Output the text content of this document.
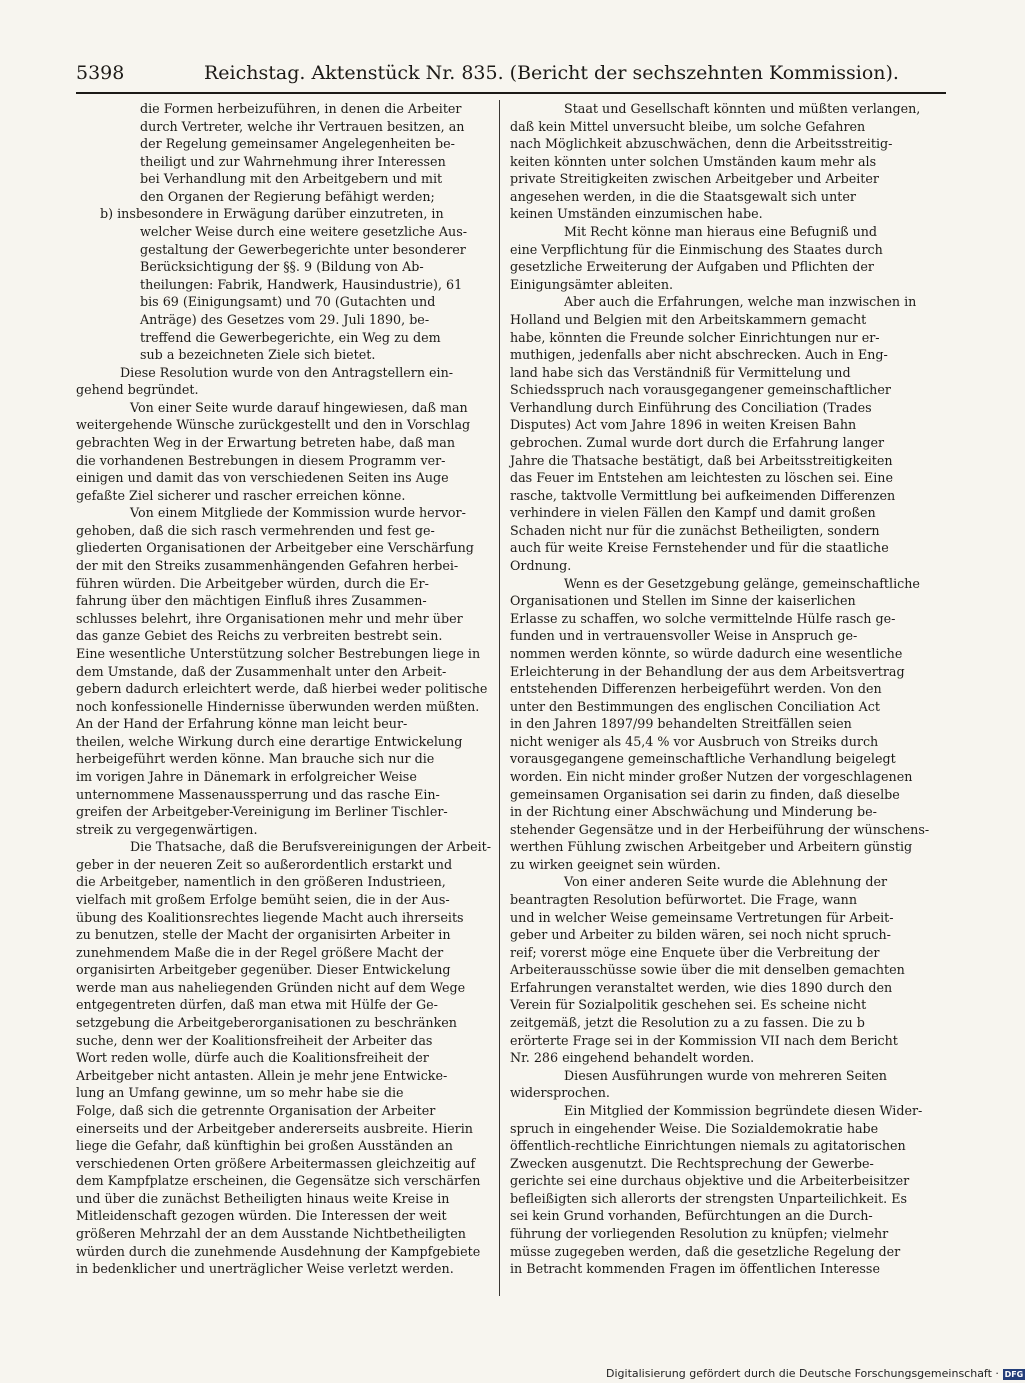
5398	Reichstag. Aktenstück Nr. 835. (Bericht der sechszehnten Kommission).
die Formen herbeizuführen, in denen die Arbeiter
durch Vertreter, welche ihr Vertrauen besitzen, an
der Regelung gemeinsamer Angelegenheiten be-
theiligt und zur Wahrnehmung ihrer Interessen
bei Verhandlung mit den Arbeitgebern und mit
den Organen der Regierung befähigt werden;
b) insbesondere in Erwägung darüber einzutreten, in
welcher Weise durch eine weitere gesetzliche Aus-
gestaltung der Gewerbegerichte unter besonderer
Berücksichtigung der §§. 9 (Bildung von Ab-
theilungen: Fabrik, Handwerk, Hausindustrie), 61
bis 69 (Einigungsamt) und 70 (Gutachten und
Anträge) des Gesetzes vom 29. Juli 1890, be-
treffend die Gewerbegerichte, ein Weg zu dem
sub a bezeichneten Ziele sich bietet.
Diese Resolution wurde von den Antragstellern ein-
gehend begründet.
Von einer Seite wurde darauf hingewiesen, daß man
weitergehende Wünsche zurückgestellt und den in Vorschlag
gebrachten Weg in der Erwartung betreten habe, daß man
die vorhandenen Bestrebungen in diesem Programm ver-
einigen und damit das von verschiedenen Seiten ins Auge
gefaßte Ziel sicherer und rascher erreichen könne.
Von einem Mitgliede der Kommission wurde hervor-
gehoben, daß die sich rasch vermehrenden und fest ge-
gliederten Organisationen der Arbeitgeber eine Verschärfung
der mit den Streiks zusammenhängenden Gefahren herbei-
führen würden. Die Arbeitgeber würden, durch die Er-
fahrung über den mächtigen Einfluß ihres Zusammen-
schlusses belehrt, ihre Organisationen mehr und mehr über
das ganze Gebiet des Reichs zu verbreiten bestrebt sein.
Eine wesentliche Unterstützung solcher Bestrebungen liege in
dem Umstande, daß der Zusammenhalt unter den Arbeit-
gebern dadurch erleichtert werde, daß hierbei weder politische
noch konfessionelle Hindernisse überwunden werden müßten.
An der Hand der Erfahrung könne man leicht beur-
theilen, welche Wirkung durch eine derartige Entwickelung
herbeigeführt werden könne. Man brauche sich nur die
im vorigen Jahre in Dänemark in erfolgreicher Weise
unternommene Massenaussperrung und das rasche Ein-
greifen der Arbeitgeber-Vereinigung im Berliner Tischler-
streik zu vergegenwärtigen.
Die Thatsache, daß die Berufsvereinigungen der Arbeit-
geber in der neueren Zeit so außerordentlich erstarkt und
die Arbeitgeber, namentlich in den größeren Industrieen,
vielfach mit großem Erfolge bemüht seien, die in der Aus-
übung des Koalitionsrechtes liegende Macht auch ihrerseits
zu benutzen, stelle der Macht der organisirten Arbeiter in
zunehmendem Maße die in der Regel größere Macht der
organisirten Arbeitgeber gegenüber. Dieser Entwickelung
werde man aus naheliegenden Gründen nicht auf dem Wege
entgegentreten dürfen, daß man etwa mit Hülfe der Ge-
setzgebung die Arbeitgeberorganisationen zu beschränken
suche, denn wer der Koalitionsfreiheit der Arbeiter das
Wort reden wolle, dürfe auch die Koalitionsfreiheit der
Arbeitgeber nicht antasten. Allein je mehr jene Entwicke-
lung an Umfang gewinne, um so mehr habe sie die
Folge, daß sich die getrennte Organisation der Arbeiter
einerseits und der Arbeitgeber andererseits ausbreite. Hierin
liege die Gefahr, daß künftighin bei großen Ausständen an
verschiedenen Orten größere Arbeitermassen gleichzeitig auf
dem Kampfplatze erscheinen, die Gegensätze sich verschärfen
und über die zunächst Betheiligten hinaus weite Kreise in
Mitleidenschaft gezogen würden. Die Interessen der weit
größeren Mehrzahl der an dem Ausstande Nichtbetheiligten
würden durch die zunehmende Ausdehnung der Kampfgebiete
in bedenklicher und unerträglicher Weise verletzt werden.
Staat und Gesellschaft könnten und müßten verlangen,
daß kein Mittel unversucht bleibe, um solche Gefahren
nach Möglichkeit abzuschwächen, denn die Arbeitsstreitig-
keiten könnten unter solchen Umständen kaum mehr als
private Streitigkeiten zwischen Arbeitgeber und Arbeiter
angesehen werden, in die die Staatsgewalt sich unter
keinen Umständen einzumischen habe.
Mit Recht könne man hieraus eine Befugniß und
eine Verpflichtung für die Einmischung des Staates durch
gesetzliche Erweiterung der Aufgaben und Pflichten der
Einigungsämter ableiten.
Aber auch die Erfahrungen, welche man inzwischen in
Holland und Belgien mit den Arbeitskammern gemacht
habe, könnten die Freunde solcher Einrichtungen nur er-
muthigen, jedenfalls aber nicht abschrecken. Auch in Eng-
land habe sich das Verständniß für Vermittelung und
Schiedsspruch nach vorausgegangener gemeinschaftlicher
Verhandlung durch Einführung des Conciliation (Trades
Disputes) Act vom Jahre 1896 in weiten Kreisen Bahn
gebrochen. Zumal wurde dort durch die Erfahrung langer
Jahre die Thatsache bestätigt, daß bei Arbeitsstreitigkeiten
das Feuer im Entstehen am leichtesten zu löschen sei. Eine
rasche, taktvolle Vermittlung bei aufkeimenden Differenzen
verhindere in vielen Fällen den Kampf und damit großen
Schaden nicht nur für die zunächst Betheiligten, sondern
auch für weite Kreise Fernstehender und für die staatliche
Ordnung.
Wenn es der Gesetzgebung gelänge, gemeinschaftliche
Organisationen und Stellen im Sinne der kaiserlichen
Erlasse zu schaffen, wo solche vermittelnde Hülfe rasch ge-
funden und in vertrauensvoller Weise in Anspruch ge-
nommen werden könnte, so würde dadurch eine wesentliche
Erleichterung in der Behandlung der aus dem Arbeitsvertrag
entstehenden Differenzen herbeigeführt werden. Von den
unter den Bestimmungen des englischen Conciliation Act
in den Jahren 1897/99 behandelten Streitfällen seien
nicht weniger als 45,4 % vor Ausbruch von Streiks durch
vorausgegangene gemeinschaftliche Verhandlung beigelegt
worden. Ein nicht minder großer Nutzen der vorgeschlagenen
gemeinsamen Organisation sei darin zu finden, daß dieselbe
in der Richtung einer Abschwächung und Minderung be-
stehender Gegensätze und in der Herbeiführung der wünschens-
werthen Fühlung zwischen Arbeitgeber und Arbeitern günstig
zu wirken geeignet sein würden.
Von einer anderen Seite wurde die Ablehnung der
beantragten Resolution befürwortet. Die Frage, wann
und in welcher Weise gemeinsame Vertretungen für Arbeit-
geber und Arbeiter zu bilden wären, sei noch nicht spruch-
reif; vorerst möge eine Enquete über die Verbreitung der
Arbeiterausschüsse sowie über die mit denselben gemachten
Erfahrungen veranstaltet werden, wie dies 1890 durch den
Verein für Sozialpolitik geschehen sei. Es scheine nicht
zeitgemäß, jetzt die Resolution zu a zu fassen. Die zu b
erörterte Frage sei in der Kommission VII nach dem Bericht
Nr. 286 eingehend behandelt worden.
Diesen Ausführungen wurde von mehreren Seiten
widersprochen.
Ein Mitglied der Kommission begründete diesen Wider-
spruch in eingehender Weise. Die Sozialdemokratie habe
öffentlich-rechtliche Einrichtungen niemals zu agitatorischen
Zwecken ausgenutzt. Die Rechtsprechung der Gewerbe-
gerichte sei eine durchaus objektive und die Arbeiterbeisitzer
befleißigten sich allerorts der strengsten Unparteilichkeit. Es
sei kein Grund vorhanden, Befürchtungen an die Durch-
führung der vorliegenden Resolution zu knüpfen; vielmehr
müsse zugegeben werden, daß die gesetzliche Regelung der
in Betracht kommenden Fragen im öffentlichen Interesse
Digitalisierung gefördert durch die Deutsche Forschungsgemeinschaft · DFG
